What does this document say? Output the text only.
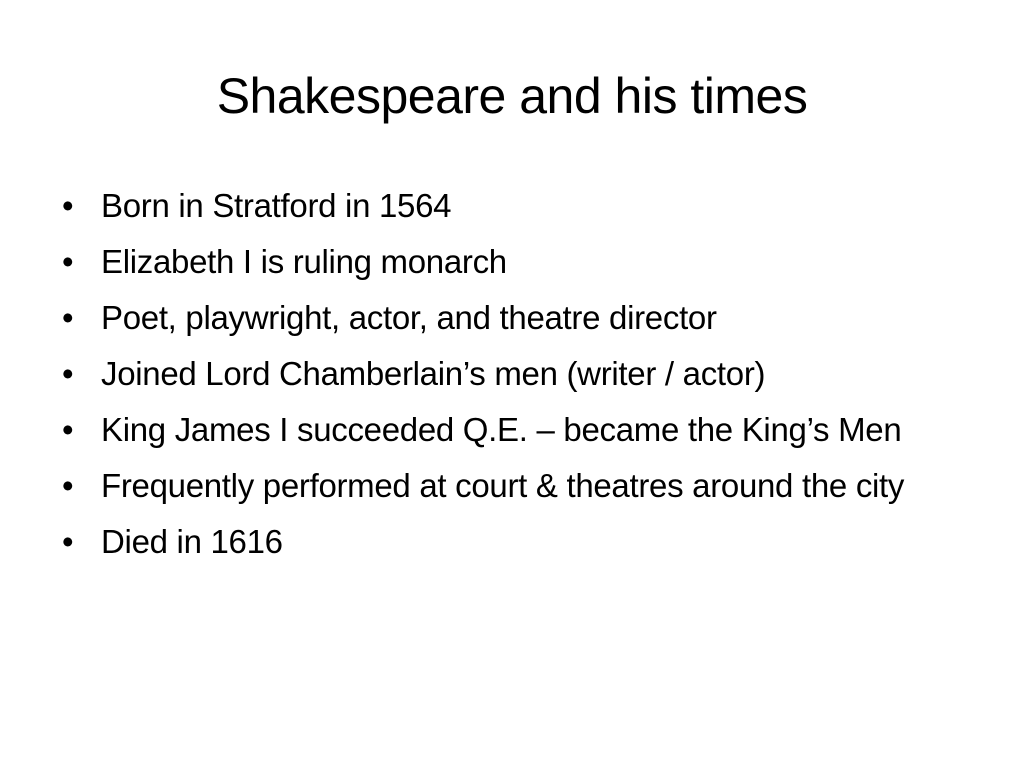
Shakespeare and his times
• Born in Stratford in 1564
• Elizabeth I is ruling monarch
• Poet, playwright, actor, and theatre director
• Joined Lord Chamberlain’s men (writer / actor)
• King James I succeeded Q.E. – became the King’s Men
• Frequently performed at court & theatres around the city
• Died in 1616
